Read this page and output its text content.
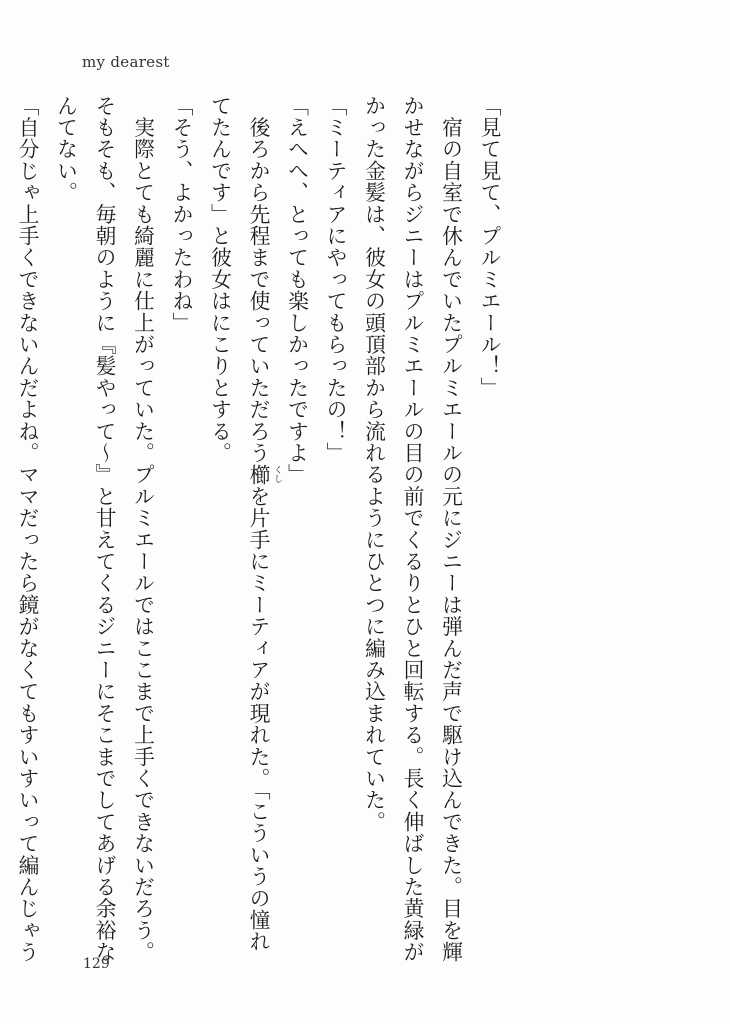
my dearest
「見て見て、プルミエール！」
　宿の自室で休んでいたプルミエールの元にジニーは弾んだ声で駆け込んできた。目を輝
かせながらジニーはプルミエールの目の前でくるりとひと回転する。長く伸ばした黄緑が
かった金髪は、彼女の頭頂部から流れるようにひとつに編み込まれていた。
「ミーティアにやってもらったの！」
「えへへ、とっても楽しかったですよ」
　後ろから先程まで使っていただろう櫛 くし
を片手にミーティアが現れた。「こういうの憧れ
てたんです」と彼女はにこりとする。
「そう、よかったわね」
　実際とても綺麗に仕上がっていた。プルミエールではここまで上手くできないだろう。
そもそも、毎朝のように『髪やって〜』と甘えてくるジニーにそこまでしてあげる余裕な
んてない。
「自分じゃ上手くできないんだよね。ママだったら鏡がなくてもすいすいって編んじゃう
129
